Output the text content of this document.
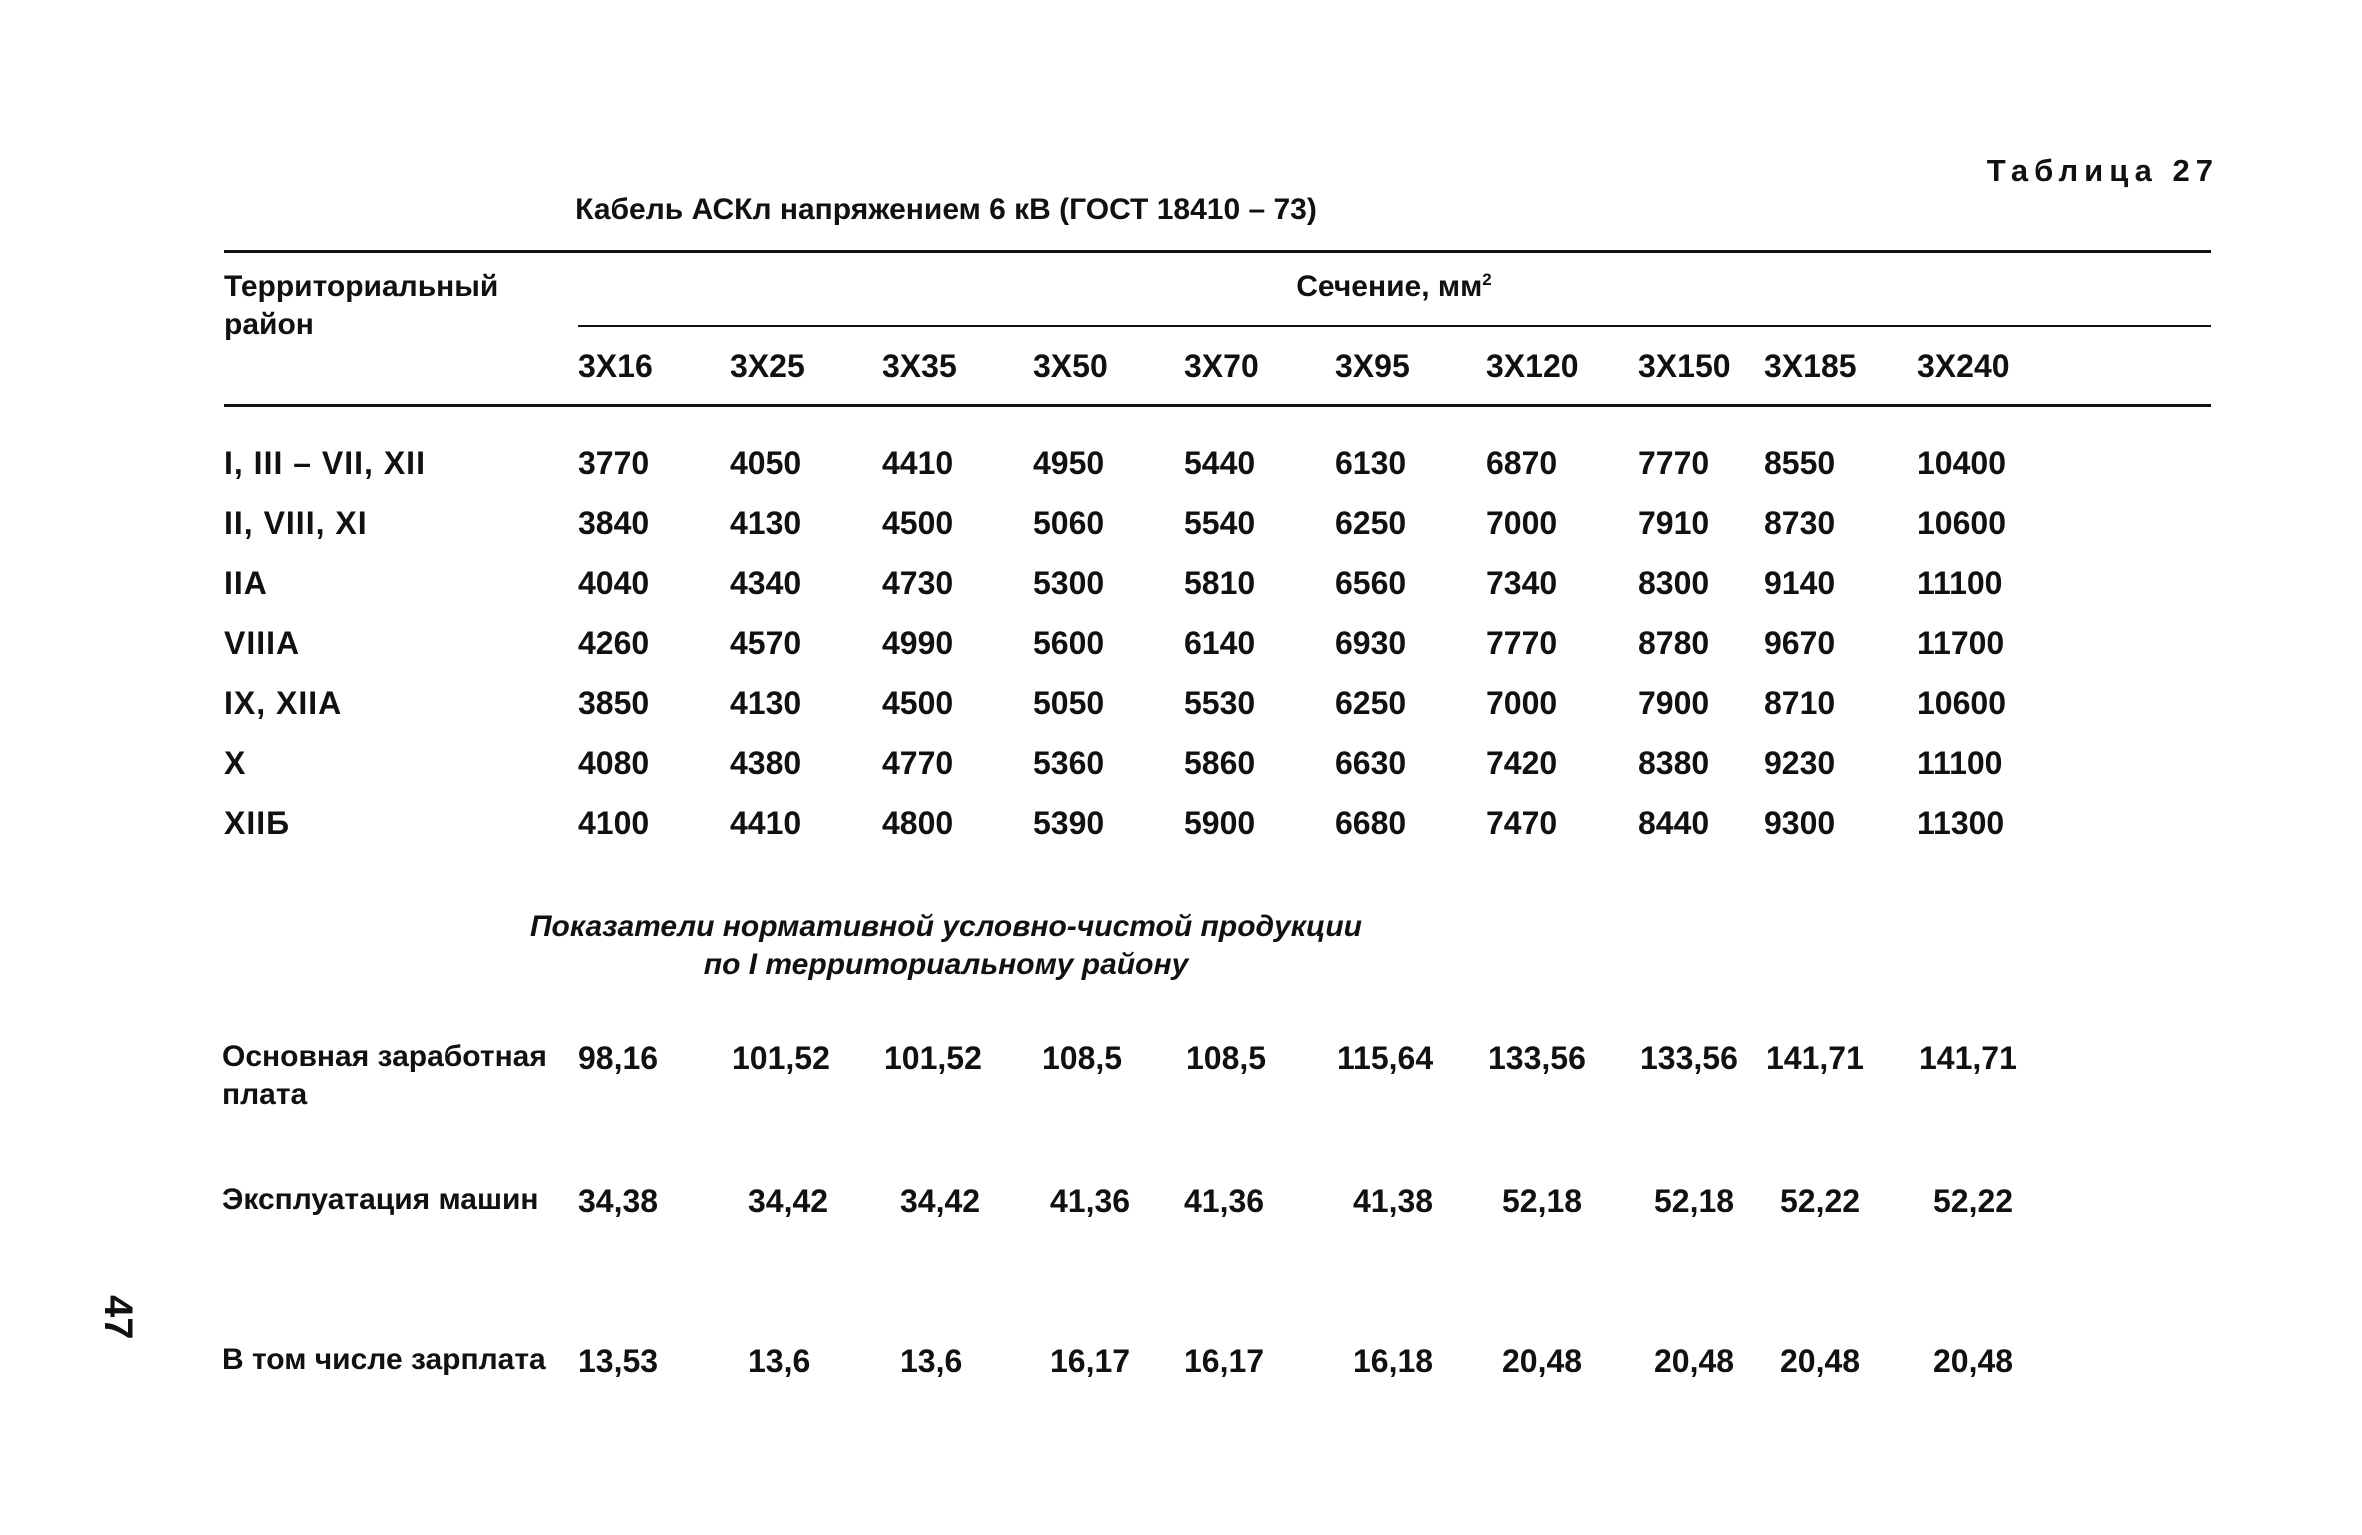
Таблица 27
Кабель АСКл напряжением 6 кВ (ГОСТ 18410 – 73)
Территориальный район
Сечение, $мм^2$
3Х16 3Х25 3Х35 3Х50 3Х70 3Х95 3Х120 3Х150 3Х185 3Х240
I, III – VII, XII	3770	4050	4410 4950 5440 6130 6870	7770 8550	10400
II, VIII, XI	3840	4130	4500 5060 5540 6250 7000	7910 8730	10600
IIA	4040	4340	4730 5300 5810 6560 7340	8300 9140	11100
VIIIA	4260	4570	4990 5600 6140 6930 7770	8780 9670	11700
IX, XIIA	3850	4130	4500 5050 5530 6250 7000	7900 8710	10600
X	4080	4380	4770 5360 5860 6630 7420	8380 9230	11100
XIIБ	4100	4410	4800 5390 5900 6680 7470	8440 9300	11300
Показатели нормативной условно-чистой продукции
по I территориальному району
Основная заработная
плата
98,16 101,52 101,52 108,5 108,5 115,64 133,56 133,56 141,71 141,71
Эксплуатация машин 34,38	34,42 34,42 41,36 41,36	41,38 52,18 52,18 52,22 52,22
В том числе зарплата 13,53	13,6	13,6	16,17 16,17	16,18 20,48 20,48 20,48 20,48
47
